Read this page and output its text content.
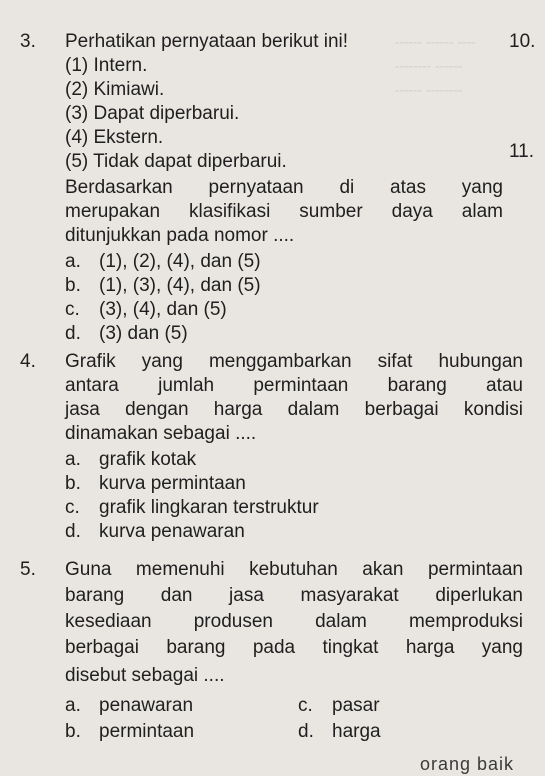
╌╌╌ ╌╌╌ ╌╌
╌╌╌╌ ╌╌╌
╌╌╌ ╌╌╌╌
10.
11.
3. Perhatikan pernyataan berikut ini!
(1) Intern.
(2) Kimiawi.
(3) Dapat diperbarui.
(4) Ekstern.
(5) Tidak dapat diperbarui.
Berdasarkan pernyataan di atas yang
merupakan klasifikasi sumber daya alam
ditunjukkan pada nomor ....
a. (1), (2), (4), dan (5)
b. (1), (3), (4), dan (5)
c. (3), (4), dan (5)
d. (3) dan (5)
4. Grafik yang menggambarkan sifat hubungan
antara jumlah permintaan barang atau
jasa dengan harga dalam berbagai kondisi
dinamakan sebagai ....
a. grafik kotak
b. kurva permintaan
c. grafik lingkaran terstruktur
d. kurva penawaran
5. Guna memenuhi kebutuhan akan permintaan
barang dan jasa masyarakat diperlukan
kesediaan produsen dalam memproduksi
berbagai barang pada tingkat harga yang
disebut sebagai ....
a. penawaran	c. pasar
b. permintaan	d. harga
orang baik
